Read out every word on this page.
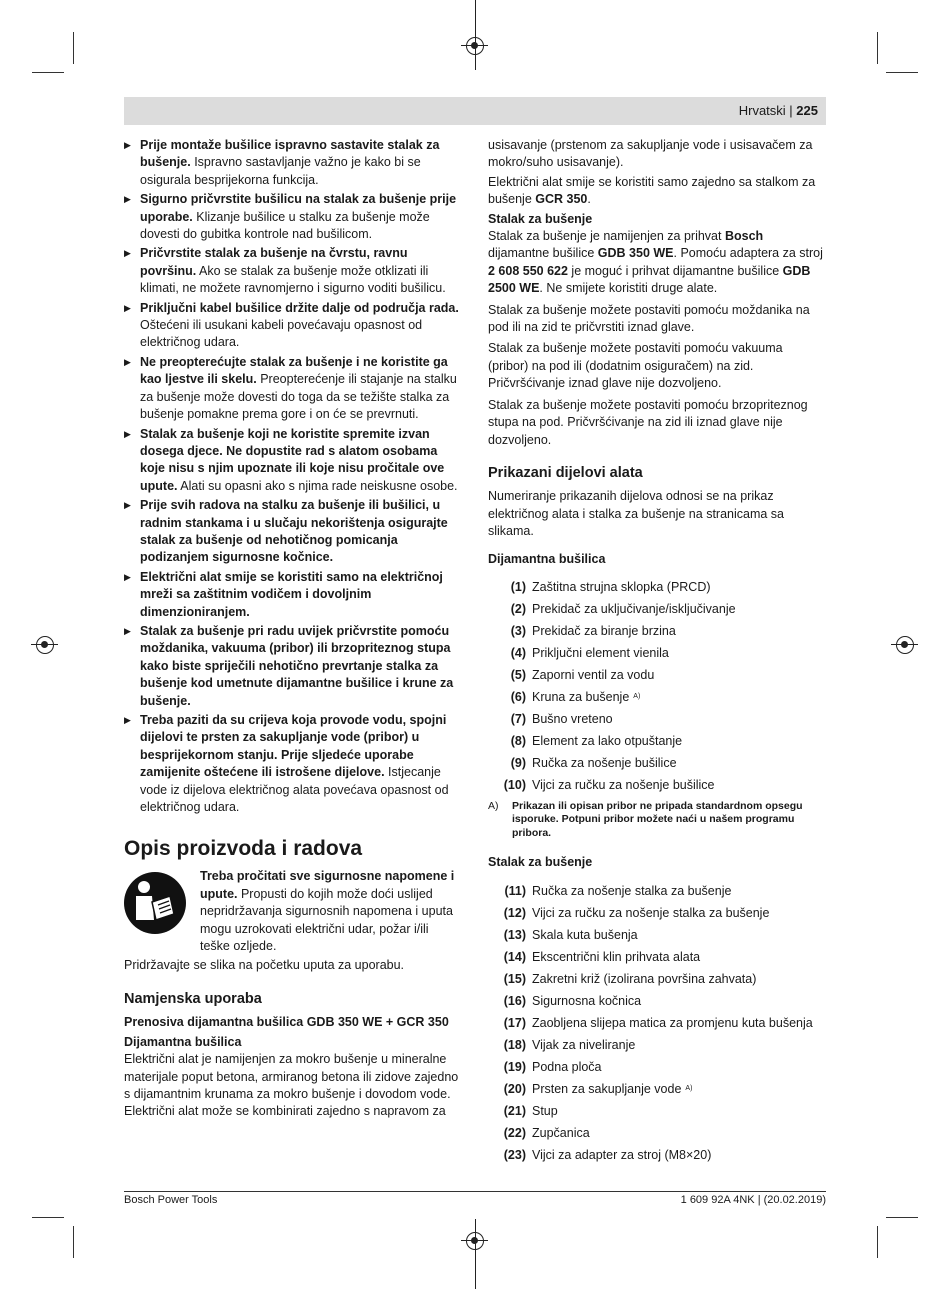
Hrvatski | 225
▶ Prije montaže bušilice ispravno sastavite stalak za bušenje. Ispravno sastavljanje važno je kako bi se osigurala besprijekorna funkcija.
▶ Sigurno pričvrstite bušilicu na stalak za bušenje prije uporabe. Klizanje bušilice u stalku za bušenje može dovesti do gubitka kontrole nad bušilicom.
▶ Pričvrstite stalak za bušenje na čvrstu, ravnu površinu. Ako se stalak za bušenje može otklizati ili klimati, ne možete ravnomjerno i sigurno voditi bušilicu.
▶ Priključni kabel bušilice držite dalje od područja rada. Oštećeni ili usukani kabeli povećavaju opasnost od električnog udara.
▶ Ne preopterećujte stalak za bušenje i ne koristite ga kao ljestve ili skelu. Preopterećenje ili stajanje na stalku za bušenje može dovesti do toga da se težište stalka za bušenje pomakne prema gore i on će se prevrnuti.
▶ Stalak za bušenje koji ne koristite spremite izvan dosega djece. Ne dopustite rad s alatom osobama koje nisu s njim upoznate ili koje nisu pročitale ove upute. Alati su opasni ako s njima rade neiskusne osobe.
▶ Prije svih radova na stalku za bušenje ili bušilici, u radnim stankama i u slučaju nekorištenja osigurajte stalak za bušenje od nehotičnog pomicanja podizanjem sigurnosne kočnice.
▶ Električni alat smije se koristiti samo na električnoj mreži sa zaštitnim vodičem i dovoljnim dimenzioniranjem.
▶ Stalak za bušenje pri radu uvijek pričvrstite pomoću moždanika, vakuuma (pribor) ili brzopriteznog stupa kako biste spriječili nehotično prevrtanje stalka za bušenje kod umetnute dijamantne bušilice i krune za bušenje.
▶ Treba paziti da su crijeva koja provode vodu, spojni dijelovi te prsten za sakupljanje vode (pribor) u besprijekornom stanju. Prije sljedeće uporabe zamijenite oštećene ili istrošene dijelove. Istjecanje vode iz dijelova električnog alata povećava opasnost od električnog udara.
Opis proizvoda i radova

Treba pročitati sve sigurnosne napomene i upute. Propusti do kojih može doći uslijed nepridržavanja sigurnosnih napomena i uputa mogu uzrokovati električni udar, požar i/ili teške ozljede.

Pridržavajte se slika na početku uputa za uporabu.

Namjenska uporaba
Prenosiva dijamantna bušilica GDB 350 WE + GCR 350
Dijamantna bušilica

Električni alat je namijenjen za mokro bušenje u mineralne materijale poput betona, armiranog betona ili zidove zajedno s dijamantnim krunama za mokro bušenje i dovodom vode. Električni alat može se kombinirati zajedno s napravom za

usisavanje (prstenom za sakupljanje vode i usisavačem za mokro/suho usisavanje).

Električni alat smije se koristiti samo zajedno sa stalkom za bušenje GCR 350.

Stalak za bušenje

Stalak za bušenje je namijenjen za prihvat Bosch dijamantne bušilice GDB 350 WE. Pomoću adaptera za stroj 2 608 550 622 je moguć i prihvat dijamantne bušilice GDB 2500 WE. Ne smijete koristiti druge alate.

Stalak za bušenje možete postaviti pomoću moždanika na pod ili na zid te pričvrstiti iznad glave.

Stalak za bušenje možete postaviti pomoću vakuuma (pribor) na pod ili (dodatnim osiguračem) na zid. Pričvršćivanje iznad glave nije dozvoljeno.

Stalak za bušenje možete postaviti pomoću brzopriteznog stupa na pod. Pričvršćivanje na zid ili iznad glave nije dozvoljeno.

Prikazani dijelovi alata

Numeriranje prikazanih dijelova odnosi se na prikaz električnog alata i stalka za bušenje na stranicama sa slikama.

Dijamantna bušilica
(1) Zaštitna strujna sklopka (PRCD)
(2) Prekidač za uključivanje/isključivanje
(3) Prekidač za biranje brzina
(4) Priključni element vienila
(5) Zaporni ventil za vodu
(6) Kruna za bušenje A)
(7) Bušno vreteno
(8) Element za lako otpuštanje
(9) Ručka za nošenje bušilice
(10) Vijci za ručku za nošenje bušilice
A)	Prikazan ili opisan pribor ne pripada standardnom opsegu isporuke. Potpuni pribor možete naći u našem programu pribora.
Stalak za bušenje
(11) Ručka za nošenje stalka za bušenje
(12) Vijci za ručku za nošenje stalka za bušenje
(13) Skala kuta bušenja
(14) Ekscentrični klin prihvata alata
(15) Zakretni križ (izolirana površina zahvata)
(16) Sigurnosna kočnica
(17) Zaobljena slijepa matica za promjenu kuta bušenja
(18) Vijak za niveliranje
(19) Podna ploča
(20) Prsten za sakupljanje vode A)
(21) Stup
(22) Zupčanica
(23) Vijci za adapter za stroj (M8×20)
Bosch Power Tools	1 609 92A 4NK | (20.02.2019)
